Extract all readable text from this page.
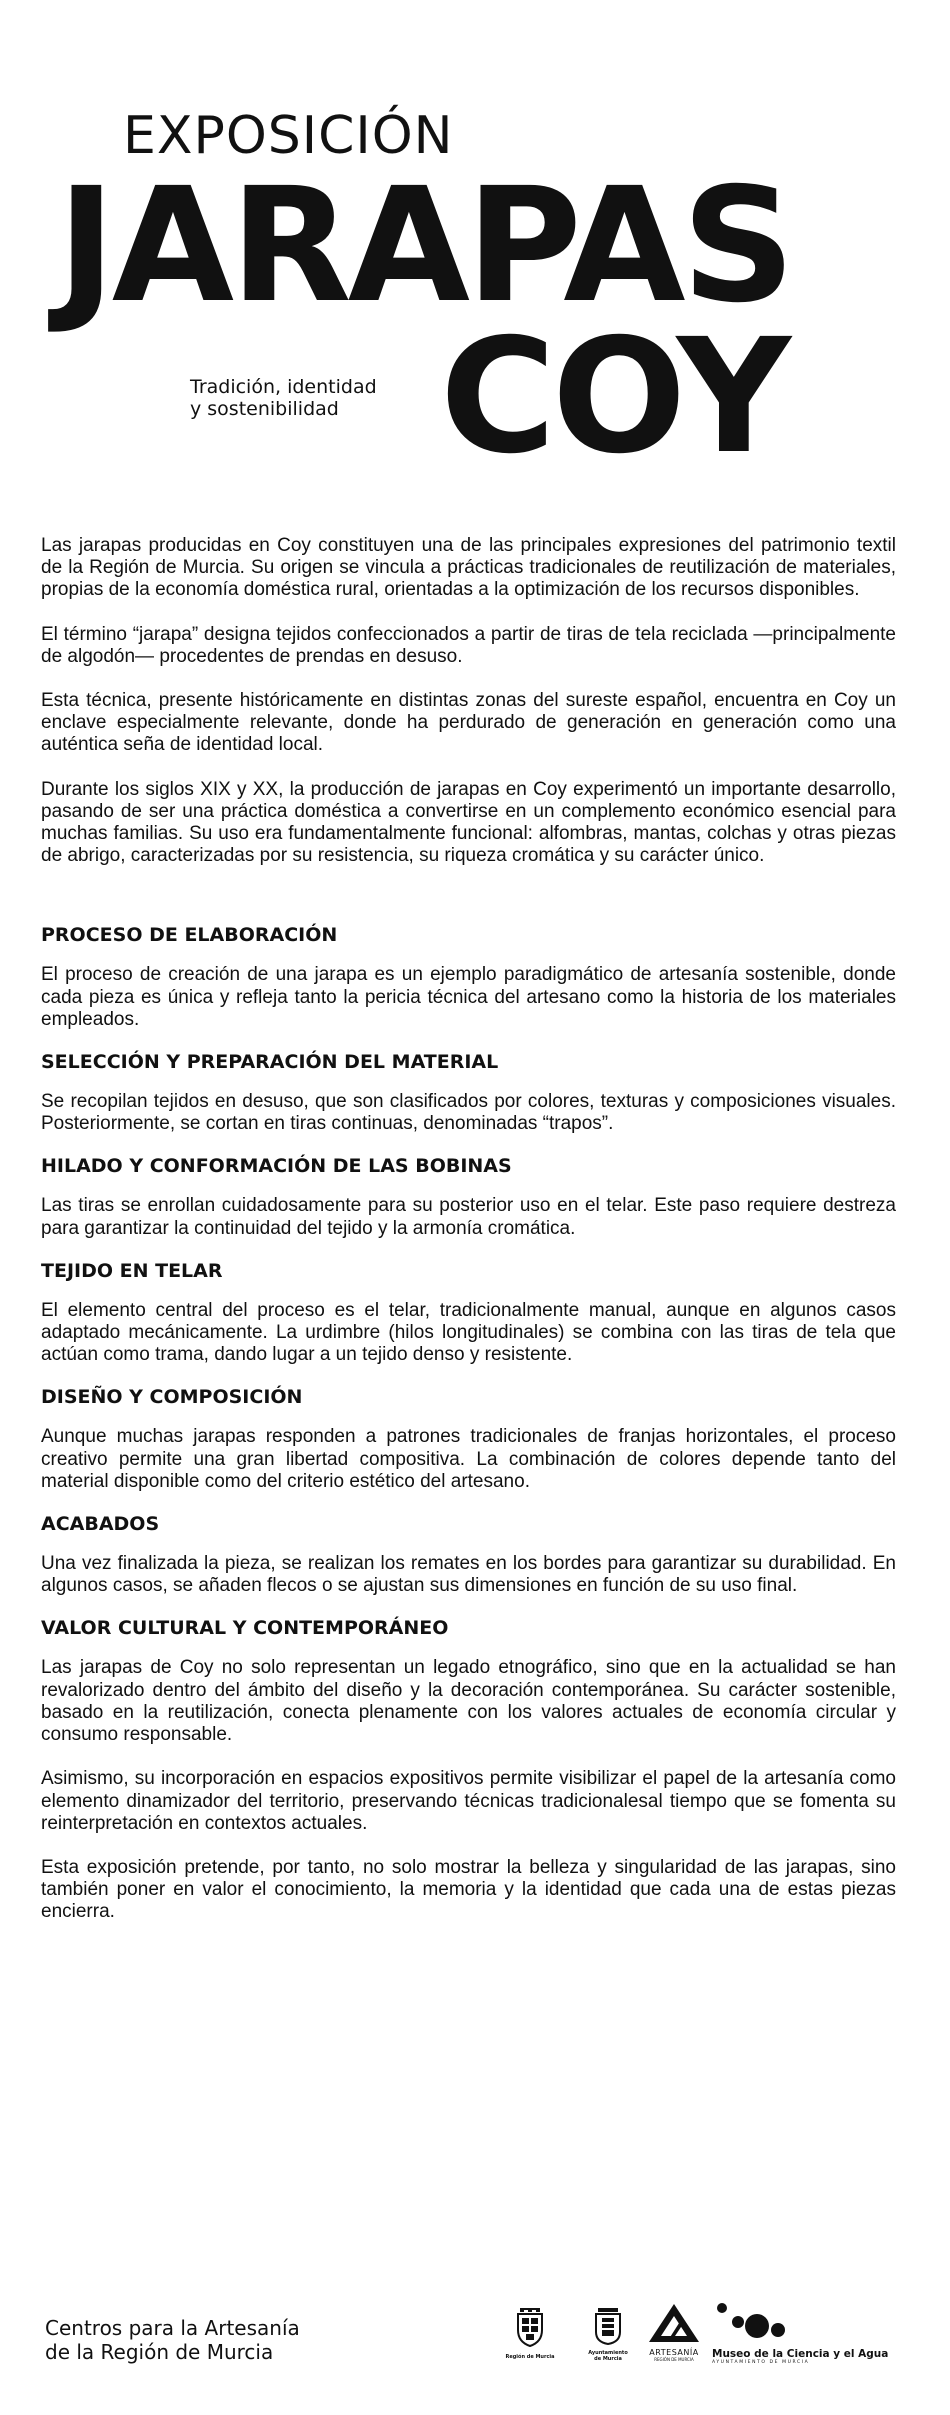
EXPOSICIÓN
JARAPAS
COY
Tradición, identidad
y sostenibilidad

Las jarapas producidas en Coy constituyen una de las principales expresiones del patrimonio textil de la Región de Murcia. Su origen se vincula a prácticas tradicionales de reutilización de materiales, propias de la economía doméstica rural, orientadas a la optimización de los recursos disponibles.

El término “jarapa” designa tejidos confeccionados a partir de tiras de tela reciclada —principalmente de algodón— procedentes de prendas en desuso.

Esta técnica, presente históricamente en distintas zonas del sureste español, encuentra en Coy un enclave especialmente relevante, donde ha perdurado de generación en generación como una auténtica seña de identidad local.

Durante los siglos XIX y XX, la producción de jarapas en Coy experimentó un importante desarrollo, pasando de ser una práctica doméstica a convertirse en un complemento económico esencial para muchas familias. Su uso era fundamentalmente funcional: alfombras, mantas, colchas y otras piezas de abrigo, caracterizadas por su resistencia, su riqueza cromática y su carácter único.

PROCESO DE ELABORACIÓN

El proceso de creación de una jarapa es un ejemplo paradigmático de artesanía sostenible, donde cada pieza es única y refleja tanto la pericia técnica del artesano como la historia de los materiales empleados.

SELECCIÓN Y PREPARACIÓN DEL MATERIAL

Se recopilan tejidos en desuso, que son clasificados por colores, texturas y composiciones visuales. Posteriormente, se cortan en tiras continuas, denominadas “trapos”.

HILADO Y CONFORMACIÓN DE LAS BOBINAS

Las tiras se enrollan cuidadosamente para su posterior uso en el telar. Este paso requiere destreza para garantizar la continuidad del tejido y la armonía cromática.

TEJIDO EN TELAR

El elemento central del proceso es el telar, tradicionalmente manual, aunque en algunos casos adaptado mecánicamente. La urdimbre (hilos longitudinales) se combina con las tiras de tela que actúan como trama, dando lugar a un tejido denso y resistente.

DISEÑO Y COMPOSICIÓN

Aunque muchas jarapas responden a patrones tradicionales de franjas horizontales, el proceso creativo permite una gran libertad compositiva. La combinación de colores depende tanto del material disponible como del criterio estético del artesano.

ACABADOS

Una vez finalizada la pieza, se realizan los remates en los bordes para garantizar su durabilidad. En algunos casos, se añaden flecos o se ajustan sus dimensiones en función de su uso final.

VALOR CULTURAL Y CONTEMPORÁNEO

Las jarapas de Coy no solo representan un legado etnográfico, sino que en la actualidad se han revalorizado dentro del ámbito del diseño y la decoración contemporánea. Su carácter sostenible, basado en la reutilización, conecta plenamente con los valores actuales de economía circular y consumo responsable.

Asimismo, su incorporación en espacios expositivos permite visibilizar el papel de la artesanía como elemento dinamizador del territorio, preservando técnicas tradicionalesal tiempo que se fomenta su reinterpretación en contextos actuales.

Esta exposición pretende, por tanto, no solo mostrar la belleza y singularidad de las jarapas, sino también poner en valor el conocimiento, la memoria y la identidad que cada una de estas piezas encierra.

Centros para la Artesanía
de la Región de Murcia	Región de Murcia
Ayuntamiento
de Murcia
ARTESANÍA
REGIÓN DE MURCIA	Museo de la Ciencia y el Agua
AYUNTAMIENTO DE MURCIA
